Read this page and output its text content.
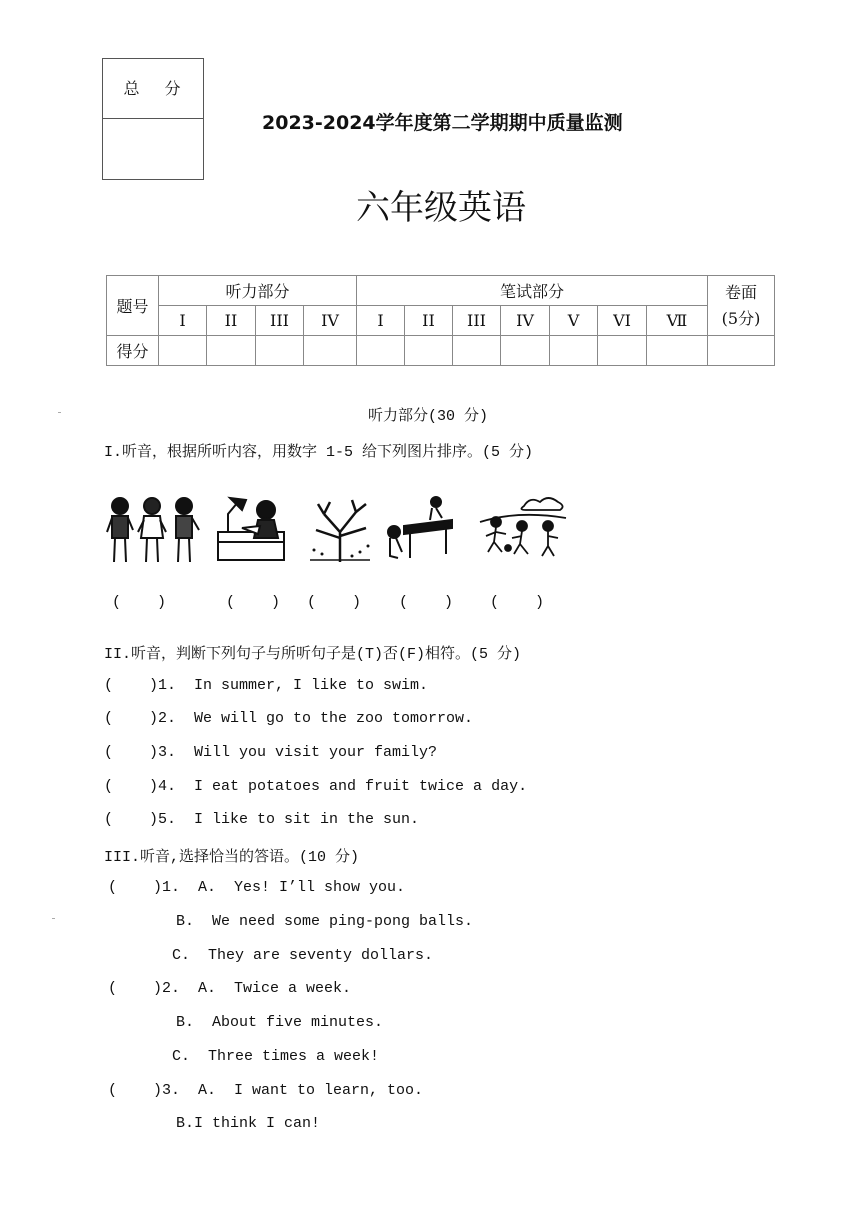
总 分
2023-2024学年度第二学期期中质量监测
六年级英语
题号	听力部分				笔试部分							卷面
(5分)
	I	II	III	IV	I	II	III	IV	V	VI	Ⅶ	
得分												
听力部分(30 分)
I.听音，根据所听内容，用数字 1-5 给下列图片排序。(5 分)
(    )	(    ) (    )	(    ) (    )
II.听音，判断下列句子与所听句子是(T)否(F)相符。(5 分)
(    )1.  In summer, I like to swim.
(    )2.  We will go to the zoo tomorrow.
(    )3.  Will you visit your family?
(    )4.  I eat potatoes and fruit twice a day.
(    )5.  I like to sit in the sun.
III.听音,选择恰当的答语。(10 分)
(    )1.  A.  Yes! I’ll show you.
B.  We need some ping-pong balls.
C.  They are seventy dollars.
(    )2.  A.  Twice a week.
B.  About five minutes.
C.  Three times a week!
(    )3.  A.  I want to learn, too.
B.I think I can!
